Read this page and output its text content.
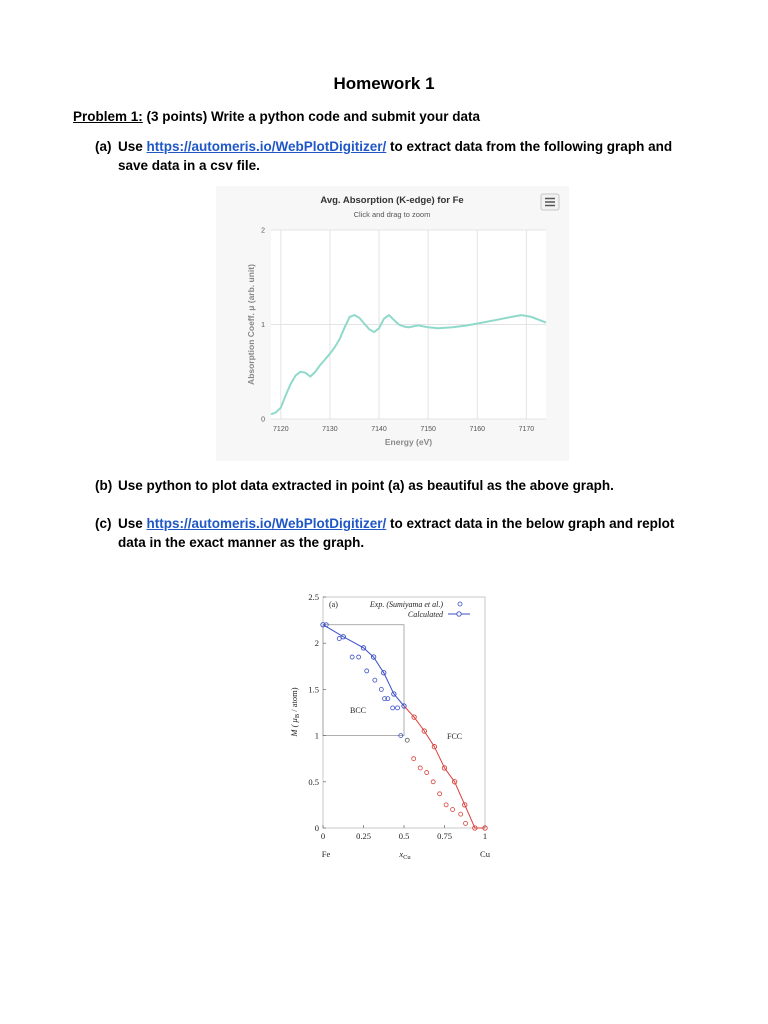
Homework 1
Problem 1: (3 points) Write a python code and submit your data
(a) Use https://automeris.io/WebPlotDigitizer/ to extract data from the following graph and
save data in a csv file.
Avg. Absorption (K-edge) for Fe
Click and drag to zoom
0
1
2
7120	7130	7140	7150	7160	7170
Energy (eV)
Absorption Coeff. μ (arb. unit)
(b) Use python to plot data extracted in point (a) as beautiful as the above graph.
(c) Use https://automeris.io/WebPlotDigitizer/ to extract data in the below graph and replot
data in the exact manner as the graph.
0
0.5
1
1.5
2
2.5
0	0.25	0.5	0.75	1
(a)	Exp. (Sumiyama et al.)
Calculated
BCC
FCC
Fe	Cu
$x_{Cu}$
M ( $\mu_B$ / atom)
